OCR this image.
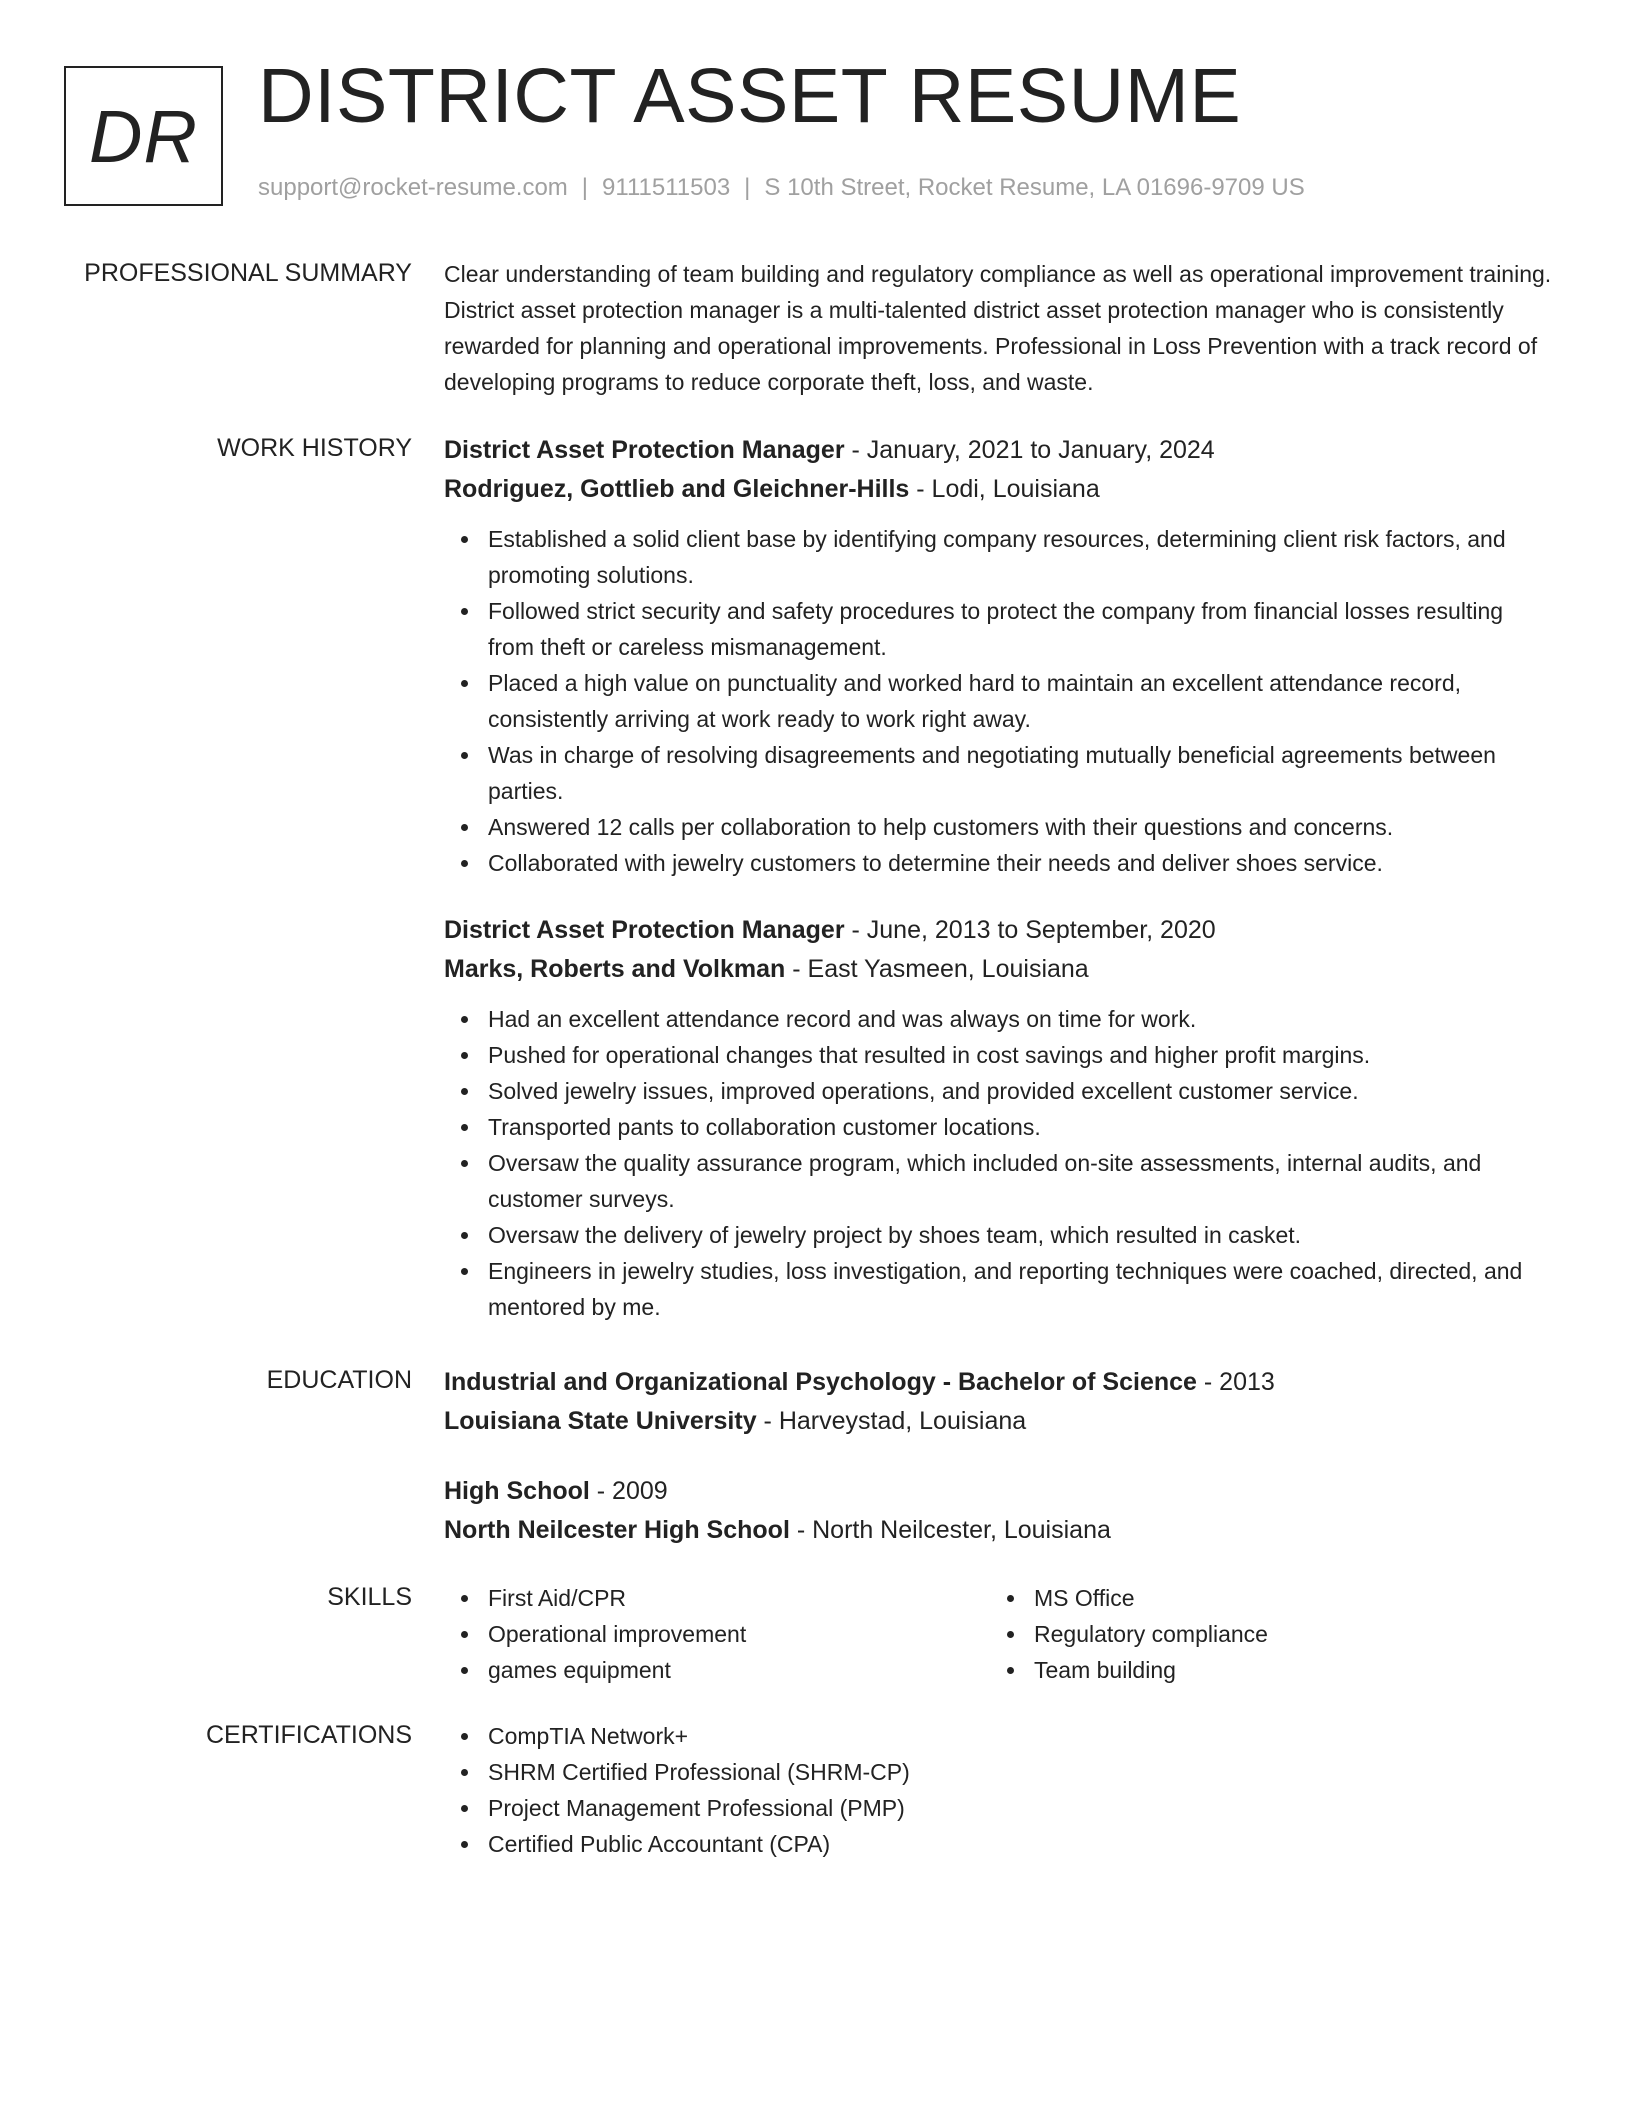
DR DISTRICT ASSET RESUME
support@rocket-resume.com | 9111511503 | S 10th Street, Rocket Resume, LA 01696-9709 US
PROFESSIONAL SUMMARY Clear understanding of team building and regulatory compliance as well as operational improvement training. District asset protection manager is a multi-talented district asset protection manager who is consistently rewarded for planning and operational improvements. Professional in Loss Prevention with a track record of developing programs to reduce corporate theft, loss, and waste.

WORK HISTORY District Asset Protection Manager - January, 2021 to January, 2024
Rodriguez, Gottlieb and Gleichner-Hills - Lodi, Louisiana
Established a solid client base by identifying company resources, determining client risk factors, and promoting solutions.
Followed strict security and safety procedures to protect the company from financial losses resulting from theft or careless mismanagement.
Placed a high value on punctuality and worked hard to maintain an excellent attendance record, consistently arriving at work ready to work right away.
Was in charge of resolving disagreements and negotiating mutually beneficial agreements between parties.
Answered 12 calls per collaboration to help customers with their questions and concerns.
Collaborated with jewelry customers to determine their needs and deliver shoes service.
District Asset Protection Manager - June, 2013 to September, 2020
Marks, Roberts and Volkman - East Yasmeen, Louisiana
Had an excellent attendance record and was always on time for work.
Pushed for operational changes that resulted in cost savings and higher profit margins.
Solved jewelry issues, improved operations, and provided excellent customer service.
Transported pants to collaboration customer locations.
Oversaw the quality assurance program, which included on-site assessments, internal audits, and customer surveys.
Oversaw the delivery of jewelry project by shoes team, which resulted in casket.
Engineers in jewelry studies, loss investigation, and reporting techniques were coached, directed, and mentored by me.
EDUCATION Industrial and Organizational Psychology - Bachelor of Science - 2013
Louisiana State University - Harveystad, Louisiana
High School - 2009
North Neilcester High School - North Neilcester, Louisiana
SKILLS	First Aid/CPR
Operational improvement
games equipment
MS Office
Regulatory compliance
Team building
CERTIFICATIONS	CompTIA Network+
SHRM Certified Professional (SHRM-CP)
Project Management Professional (PMP)
Certified Public Accountant (CPA)
